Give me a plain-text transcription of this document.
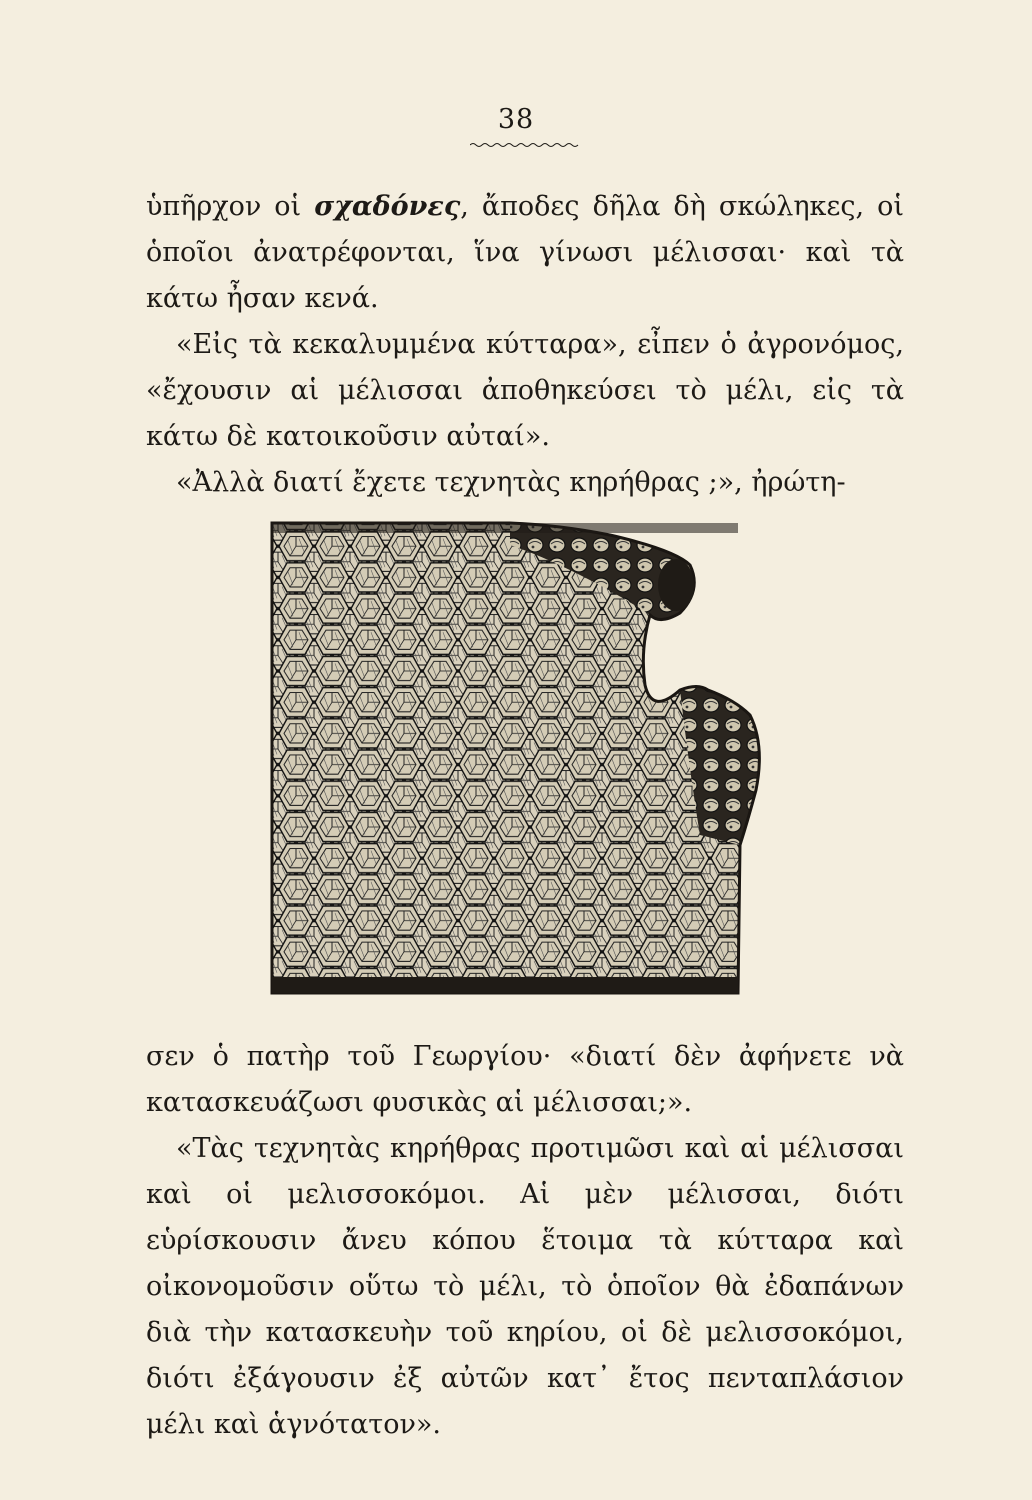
38

ὑπῆρχον οἱ σχαδόνες, ἄποδες δῆλα δὴ σκώληκες, οἱ ὁποῖοι ἀνατρέφονται, ἵνα γίνωσι μέλισσαι· καὶ τὰ κάτω ἦσαν κενά.

«Εἰς τὰ κεκαλυμμένα κύτταρα», εἶπεν ὁ ἀγρονόμος, «ἔχουσιν αἱ μέλισσαι ἀποθηκεύσει τὸ μέλι, εἰς τὰ κάτω δὲ κατοικοῦσιν αὐταί».

«Ἀλλὰ διατί ἔχετε τεχνητὰς κηρήθρας ;», ἠρώτη-

σεν ὁ πατὴρ τοῦ Γεωργίου· «διατί δὲν ἀφήνετε νὰ κατασκευάζωσι φυσικὰς αἱ μέλισσαι;».

«Τὰς τεχνητὰς κηρήθρας προτιμῶσι καὶ αἱ μέλισσαι καὶ οἱ μελισσοκόμοι. Αἱ μὲν μέλισσαι, διότι εὑρίσκουσιν ἄνευ κόπου ἕτοιμα τὰ κύτταρα καὶ οἰκονομοῦσιν οὕτω τὸ μέλι, τὸ ὁποῖον θὰ ἐδαπάνων διὰ τὴν κατασκευὴν τοῦ κηρίου, οἱ δὲ μελισσοκόμοι, διότι ἐξάγουσιν ἐξ αὐτῶν κατ᾽ ἔτος πενταπλάσιον μέλι καὶ ἁγνότατον».
